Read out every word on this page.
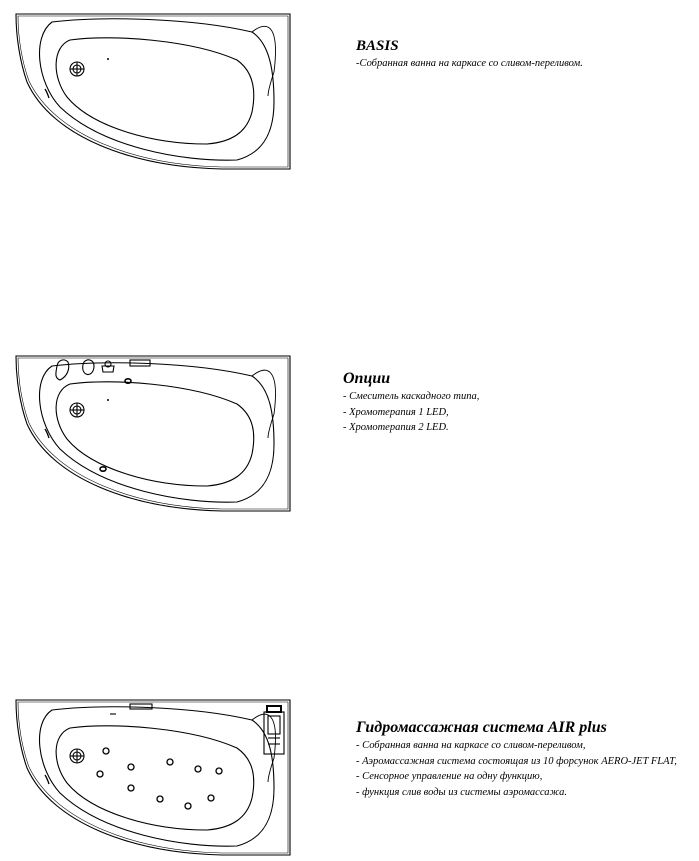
BASIS
-Собранная ванна на каркасе со сливом-переливом.
Опции
- Смеситель каскадного типа,
- Хромотерапия 1 LED,
- Хромотерапия 2 LED.
Гидромассажная система AIR plus
- Собранная ванна на каркасе со сливом-переливом,
- Аэромассажная система состоящая из 10 форсунок AERO-JET FLAT,
- Сенсорное управление на одну функцию,
- функция слив воды из системы аэромассажа.
